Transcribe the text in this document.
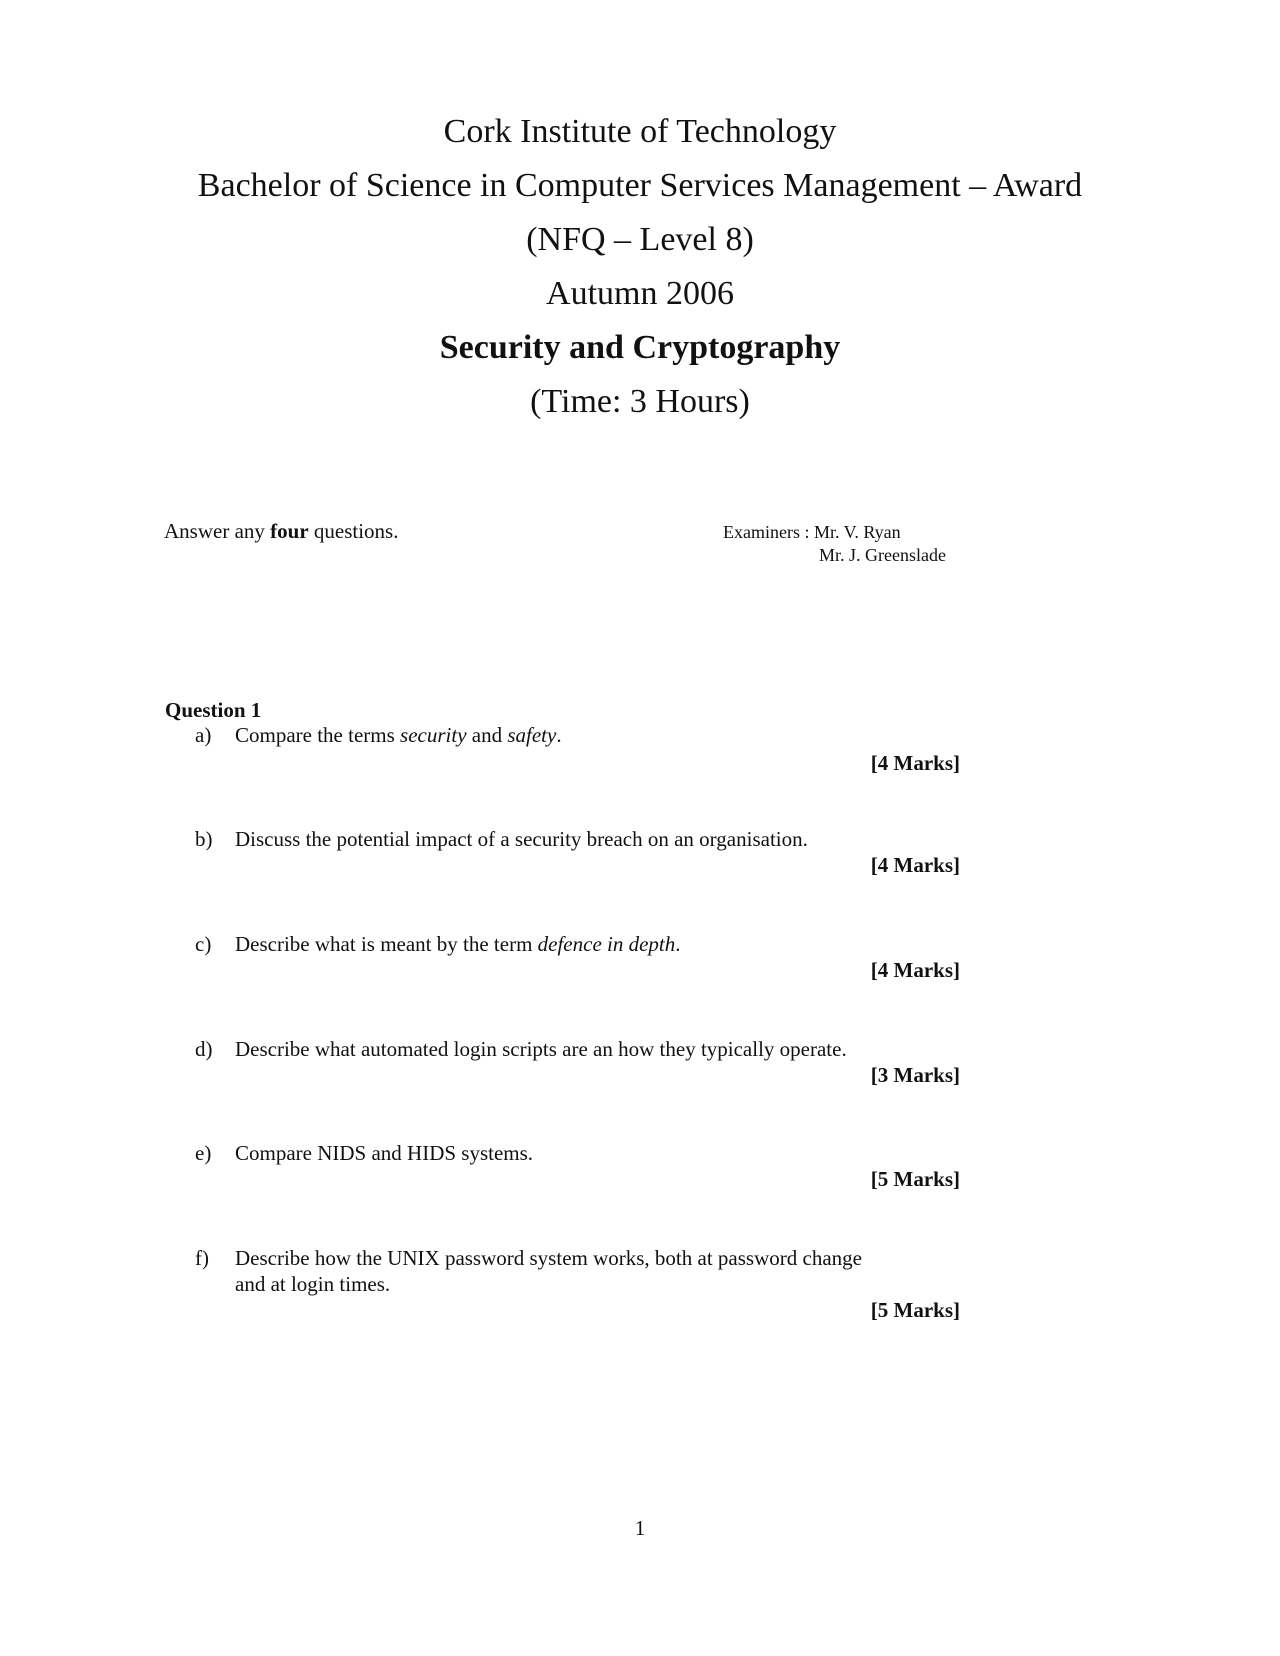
Cork Institute of Technology
Bachelor of Science in Computer Services Management – Award
(NFQ – Level 8)
Autumn 2006
Security and Cryptography
(Time: 3 Hours)
Answer any four questions.	Examiners : Mr. V. Ryan
Mr. J. Greenslade
Question 1
a) Compare the terms security and safety.
[4 Marks]
b) Discuss the potential impact of a security breach on an organisation.
[4 Marks]
c) Describe what is meant by the term defence in depth.
[4 Marks]
d) Describe what automated login scripts are an how they typically operate.
[3 Marks]
e) Compare NIDS and HIDS systems.
[5 Marks]
f) Describe how the UNIX password system works, both at password change
and at login times.
[5 Marks]
1
